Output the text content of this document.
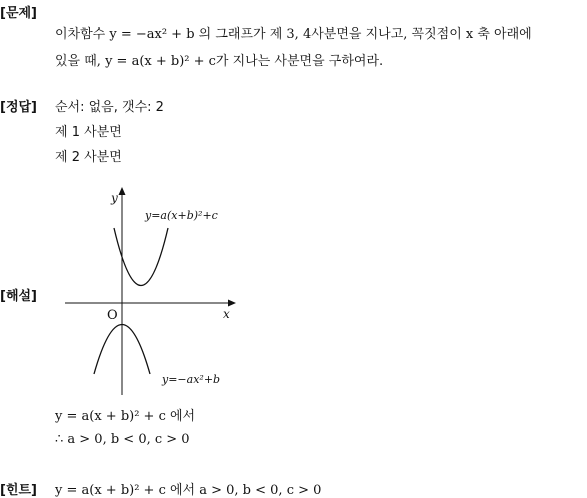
[문제]
이차함수 y = −ax² + b 의 그래프가 제 3, 4사분면을 지나고, 꼭짓점이 x 축 아래에
있을 때, y = a(x + b)² + c가 지나는 사분면을 구하여라.
[정답] 순서: 없음, 갯수: 2
제 1 사분면
제 2 사분면
[해설]
y
x
O
y=a(x+b)²+c
y=−ax²+b
y = a(x + b)² + c 에서
∴ a > 0, b < 0, c > 0
[힌트] y = a(x + b)² + c 에서 a > 0, b < 0, c > 0
